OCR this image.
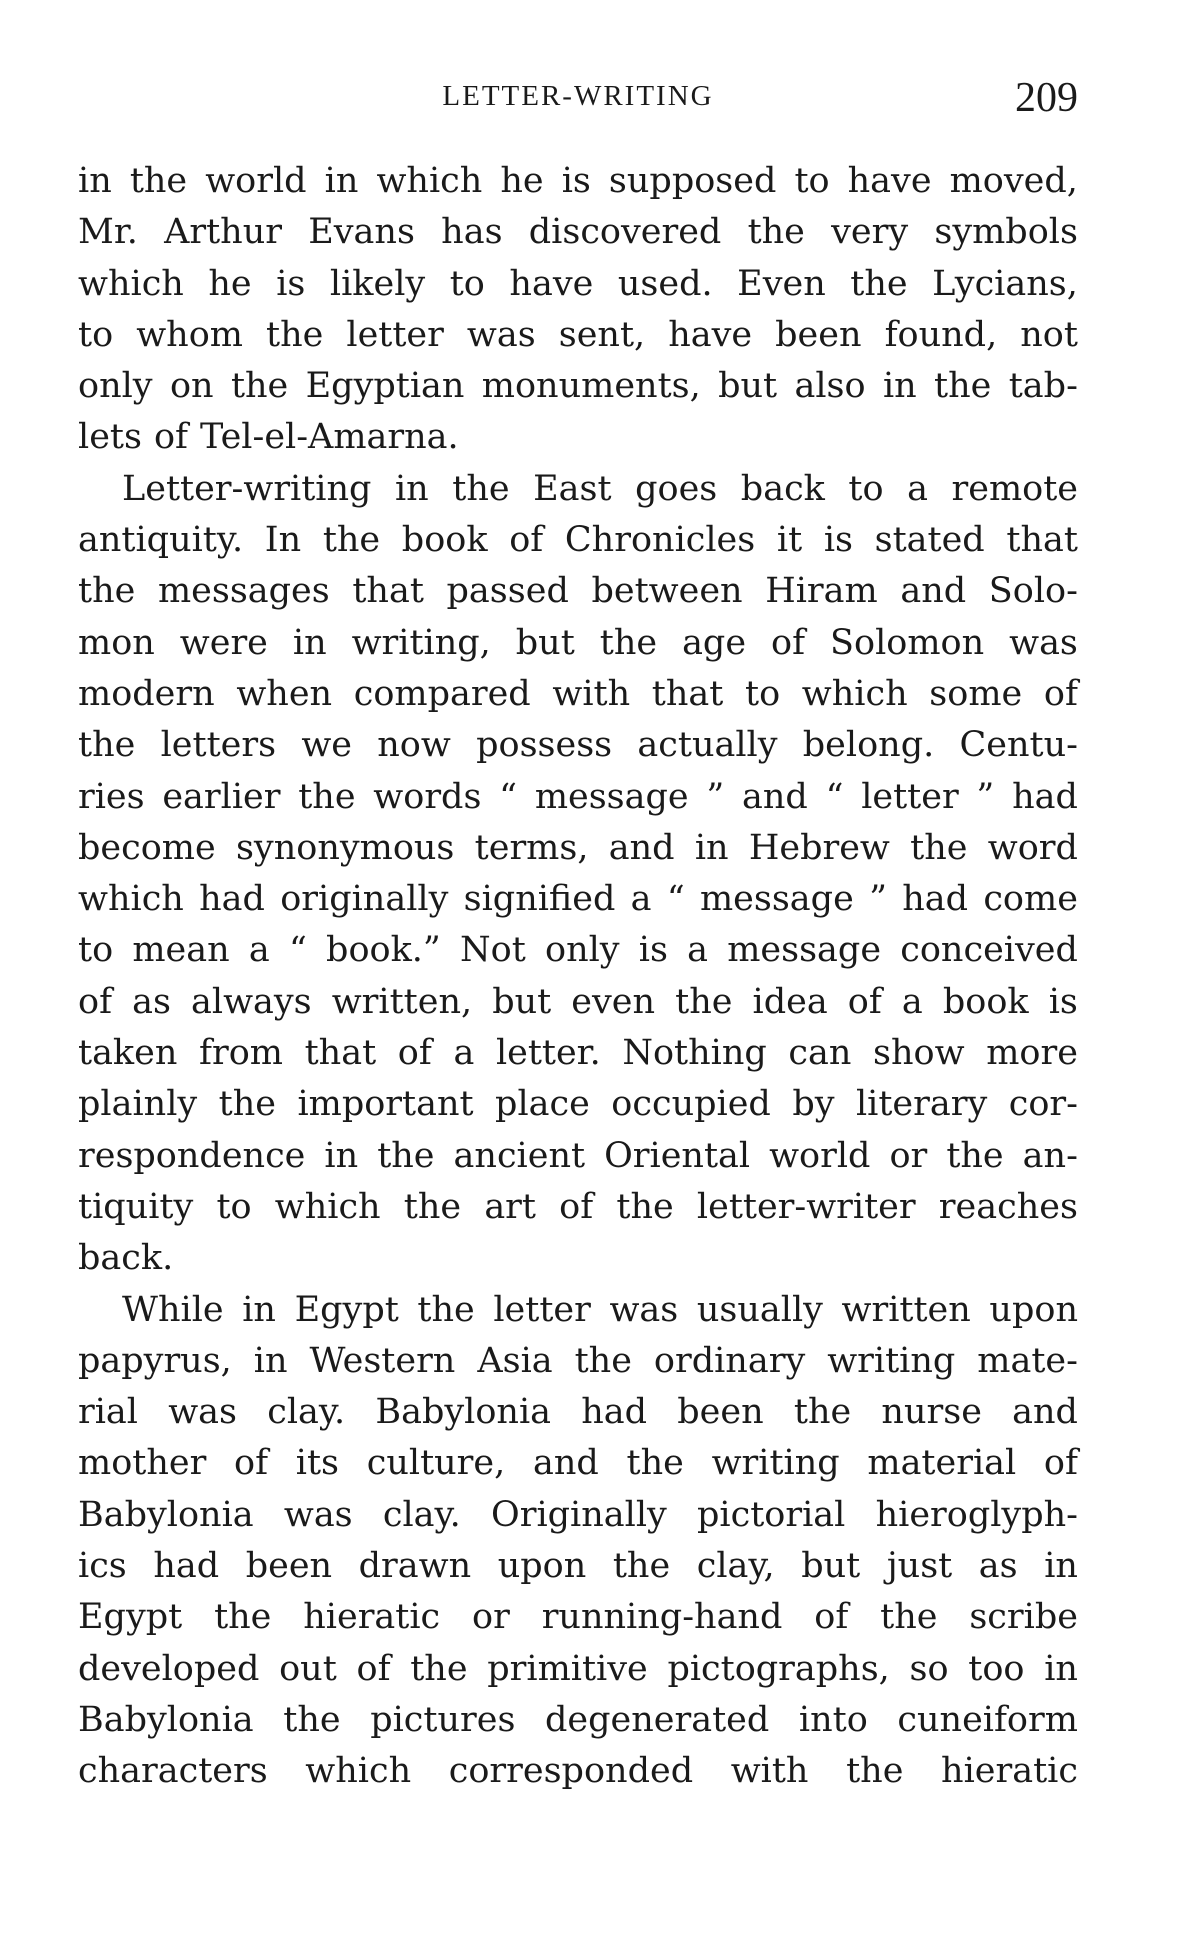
LETTER-WRITING	209
in the world in which he is supposed to have moved,
Mr. Arthur Evans has discovered the very symbols
which he is likely to have used. Even the Lycians,
to whom the letter was sent, have been found, not
only on the Egyptian monuments, but also in the tab-
lets of Tel-el-Amarna.
Letter-writing in the East goes back to a remote
antiquity. In the book of Chronicles it is stated that
the messages that passed between Hiram and Solo-
mon were in writing, but the age of Solomon was
modern when compared with that to which some of
the letters we now possess actually belong. Centu-
ries earlier the words “ message ” and “ letter ” had
become synonymous terms, and in Hebrew the word
which had originally signified a “ message ” had come
to mean a “ book.” Not only is a message conceived
of as always written, but even the idea of a book is
taken from that of a letter. Nothing can show more
plainly the important place occupied by literary cor-
respondence in the ancient Oriental world or the an-
tiquity to which the art of the letter-writer reaches
back.
While in Egypt the letter was usually written upon
papyrus, in Western Asia the ordinary writing mate-
rial was clay. Babylonia had been the nurse and
mother of its culture, and the writing material of
Babylonia was clay. Originally pictorial hieroglyph-
ics had been drawn upon the clay, but just as in
Egypt the hieratic or running-hand of the scribe
developed out of the primitive pictographs, so too in
Babylonia the pictures degenerated into cuneiform
characters which corresponded with the hieratic
